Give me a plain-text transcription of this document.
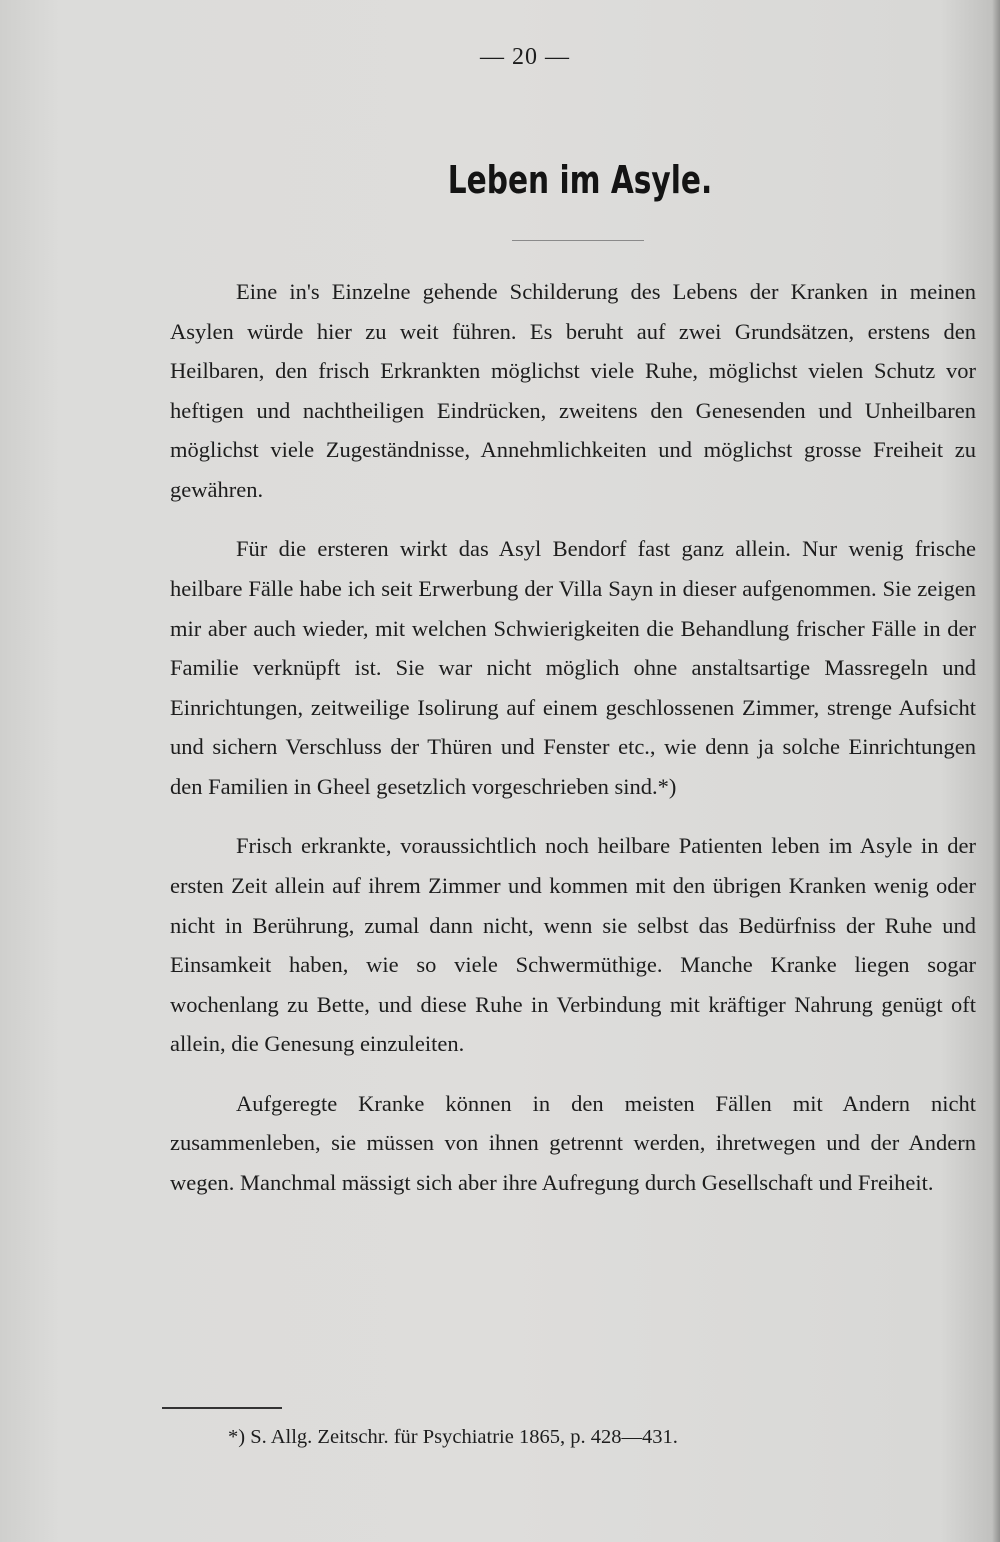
— 20 —

Leben im Asyle.

Eine in's Einzelne gehende Schilderung des Lebens der Kranken in meinen Asylen würde hier zu weit führen. Es beruht auf zwei Grundsätzen, erstens den Heilbaren, den frisch Erkrankten möglichst viele Ruhe, möglichst vielen Schutz vor heftigen und nachtheiligen Eindrücken, zweitens den Genesenden und Unheilbaren möglichst viele Zugeständnisse, Annehmlichkeiten und möglichst grosse Freiheit zu gewähren.

Für die ersteren wirkt das Asyl Bendorf fast ganz allein. Nur wenig frische heilbare Fälle habe ich seit Erwerbung der Villa Sayn in dieser aufgenommen. Sie zeigen mir aber auch wieder, mit welchen Schwierigkeiten die Behandlung frischer Fälle in der Familie verknüpft ist. Sie war nicht möglich ohne anstaltsartige Massregeln und Einrichtungen, zeitweilige Isolirung auf einem geschlossenen Zimmer, strenge Aufsicht und sichern Verschluss der Thüren und Fenster etc., wie denn ja solche Einrichtungen den Familien in Gheel gesetzlich vorgeschrieben sind.*)

Frisch erkrankte, voraussichtlich noch heilbare Patienten leben im Asyle in der ersten Zeit allein auf ihrem Zimmer und kommen mit den übrigen Kranken wenig oder nicht in Berührung, zumal dann nicht, wenn sie selbst das Bedürfniss der Ruhe und Einsamkeit haben, wie so viele Schwermüthige. Manche Kranke liegen sogar wochenlang zu Bette, und diese Ruhe in Verbindung mit kräftiger Nahrung genügt oft allein, die Genesung einzuleiten.

Aufgeregte Kranke können in den meisten Fällen mit Andern nicht zusammenleben, sie müssen von ihnen getrennt werden, ihretwegen und der Andern wegen. Manchmal mässigt sich aber ihre Aufregung durch Gesellschaft und Freiheit.

*) S. Allg. Zeitschr. für Psychiatrie 1865, p. 428—431.
